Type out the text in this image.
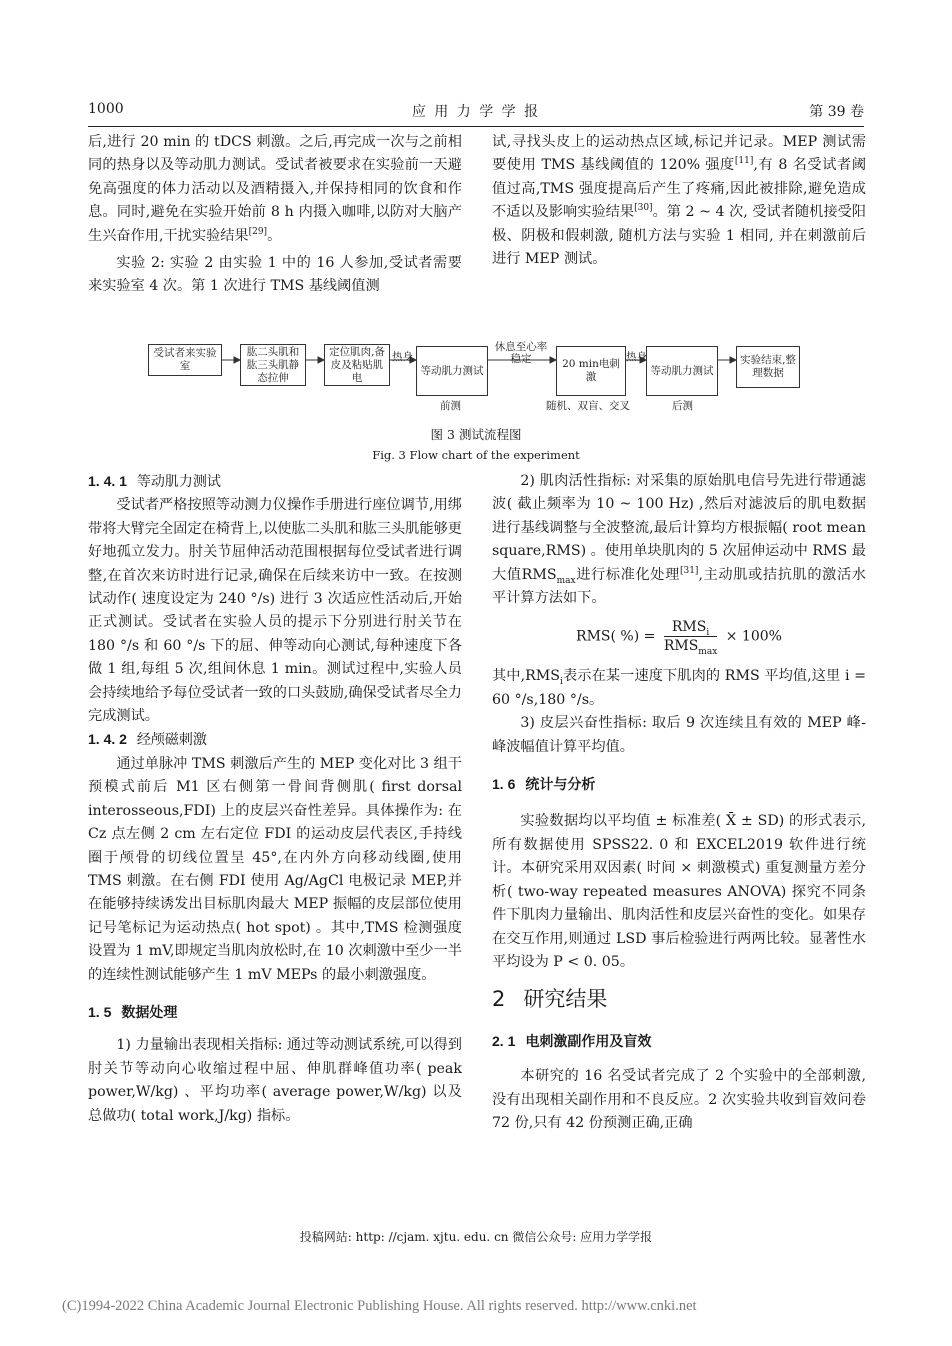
1000	应 用 力 学 学 报	第 39 卷

后,进行 20 min 的 tDCS 刺激。之后,再完成一次与之前相同的热身以及等动肌力测试。受试者被要求在实验前一天避免高强度的体力活动以及酒精摄入,并保持相同的饮食和作息。同时,避免在实验开始前 8 h 内摄入咖啡,以防对大脑产生兴奋作用,干扰实验结果[29]。

实验 2: 实验 2 由实验 1 中的 16 人参加,受试者需要来实验室 4 次。第 1 次进行 TMS 基线阈值测

试,寻找头皮上的运动热点区域,标记并记录。MEP 测试需要使用 TMS 基线阈值的 120% 强度[11],有 8 名受试者阈值过高,TMS 强度提高后产生了疼痛,因此被排除,避免造成不适以及影响实验结果[30]。第 2 ~ 4 次, 受试者随机接受阳极、阴极和假刺激, 随机方法与实验 1 相同, 并在刺激前后进行 MEP 测试。

受试者来实验室
肱二头肌和肱三头肌静态拉伸
定位肌肉,备皮及粘贴肌电
等动肌力测试
20 min电刺激
等动肌力测试
实验结束,整理数据
热身
休息至心率稳定	热身
前测	随机、双盲、交叉	后测
图 3 测试流程图
Fig. 3 Flow chart of the experiment

1. 4. 1 等动肌力测试

受试者严格按照等动测力仪操作手册进行座位调节,用绑带将大臂完全固定在椅背上,以使肱二头肌和肱三头肌能够更好地孤立发力。肘关节屈伸活动范围根据每位受试者进行调整,在首次来访时进行记录,确保在后续来访中一致。在按测试动作( 速度设定为 240 °/s) 进行 3 次适应性活动后,开始正式测试。受试者在实验人员的提示下分别进行肘关节在 180 °/s 和 60 °/s 下的屈、伸等动向心测试,每种速度下各做 1 组,每组 5 次,组间休息 1 min。测试过程中,实验人员会持续地给予每位受试者一致的口头鼓励,确保受试者尽全力完成测试。

1. 4. 2 经颅磁刺激

通过单脉冲 TMS 刺激后产生的 MEP 变化对比 3 组干预模式前后 M1 区右侧第一骨间背侧肌( first dorsal interosseous,FDI) 上的皮层兴奋性差异。具体操作为: 在 Cz 点左侧 2 cm 左右定位 FDI 的运动皮层代表区,手持线圈于颅骨的切线位置呈 45°,在内外方向移动线圈,使用 TMS 刺激。在右侧 FDI 使用 Ag/AgCl 电极记录 MEP,并在能够持续诱发出目标肌肉最大 MEP 振幅的皮层部位使用记号笔标记为运动热点( hot spot) 。其中,TMS 检测强度设置为 1 mV,即规定当肌肉放松时,在 10 次刺激中至少一半的连续性测试能够产生 1 mV MEPs 的最小刺激强度。

1. 5 数据处理

1) 力量输出表现相关指标: 通过等动测试系统,可以得到肘关节等动向心收缩过程中屈、伸肌群峰值功率( peak power,W/kg) 、平均功率( average power,W/kg) 以及总做功( total work,J/kg) 指标。

2) 肌肉活性指标: 对采集的原始肌电信号先进行带通滤波( 截止频率为 10 ~ 100 Hz) ,然后对滤波后的肌电数据进行基线调整与全波整流,最后计算均方根振幅( root mean square,RMS) 。使用单块肌肉的 5 次屈伸运动中 RMS 最大值$RMS_{max}$进行标准化处理[31],主动肌或拮抗肌的激活水平计算方法如下。

RMS( %) = $\frac{RMS_i}{RMS_{max}} \times 100\%$

其中$,RMS_i$表示在某一速度下肌肉的 RMS 平均值,这里 i = 60 °/s,180 °/s。

3) 皮层兴奋性指标: 取后 9 次连续且有效的 MEP 峰-峰波幅值计算平均值。

1. 6 统计与分析

实验数据均以平均值 ± 标准差( X̄ ± SD) 的形式表示,所有数据使用 SPSS22. 0 和 EXCEL2019 软件进行统计。本研究采用双因素( 时间 × 刺激模式) 重复测量方差分析( two-way repeated measures ANOVA) 探究不同条件下肌肉力量输出、肌肉活性和皮层兴奋性的变化。如果存在交互作用,则通过 LSD 事后检验进行两两比较。显著性水平均设为 P < 0. 05。

2 研究结果

2. 1 电刺激副作用及盲效

本研究的 16 名受试者完成了 2 个实验中的全部刺激,没有出现相关副作用和不良反应。2 次实验共收到盲效问卷 72 份,只有 42 份预测正确,正确

投稿网站: http: //cjam. xjtu. edu. cn 微信公众号: 应用力学学报
(C)1994-2022 China Academic Journal Electronic Publishing House. All rights reserved. http://www.cnki.net
